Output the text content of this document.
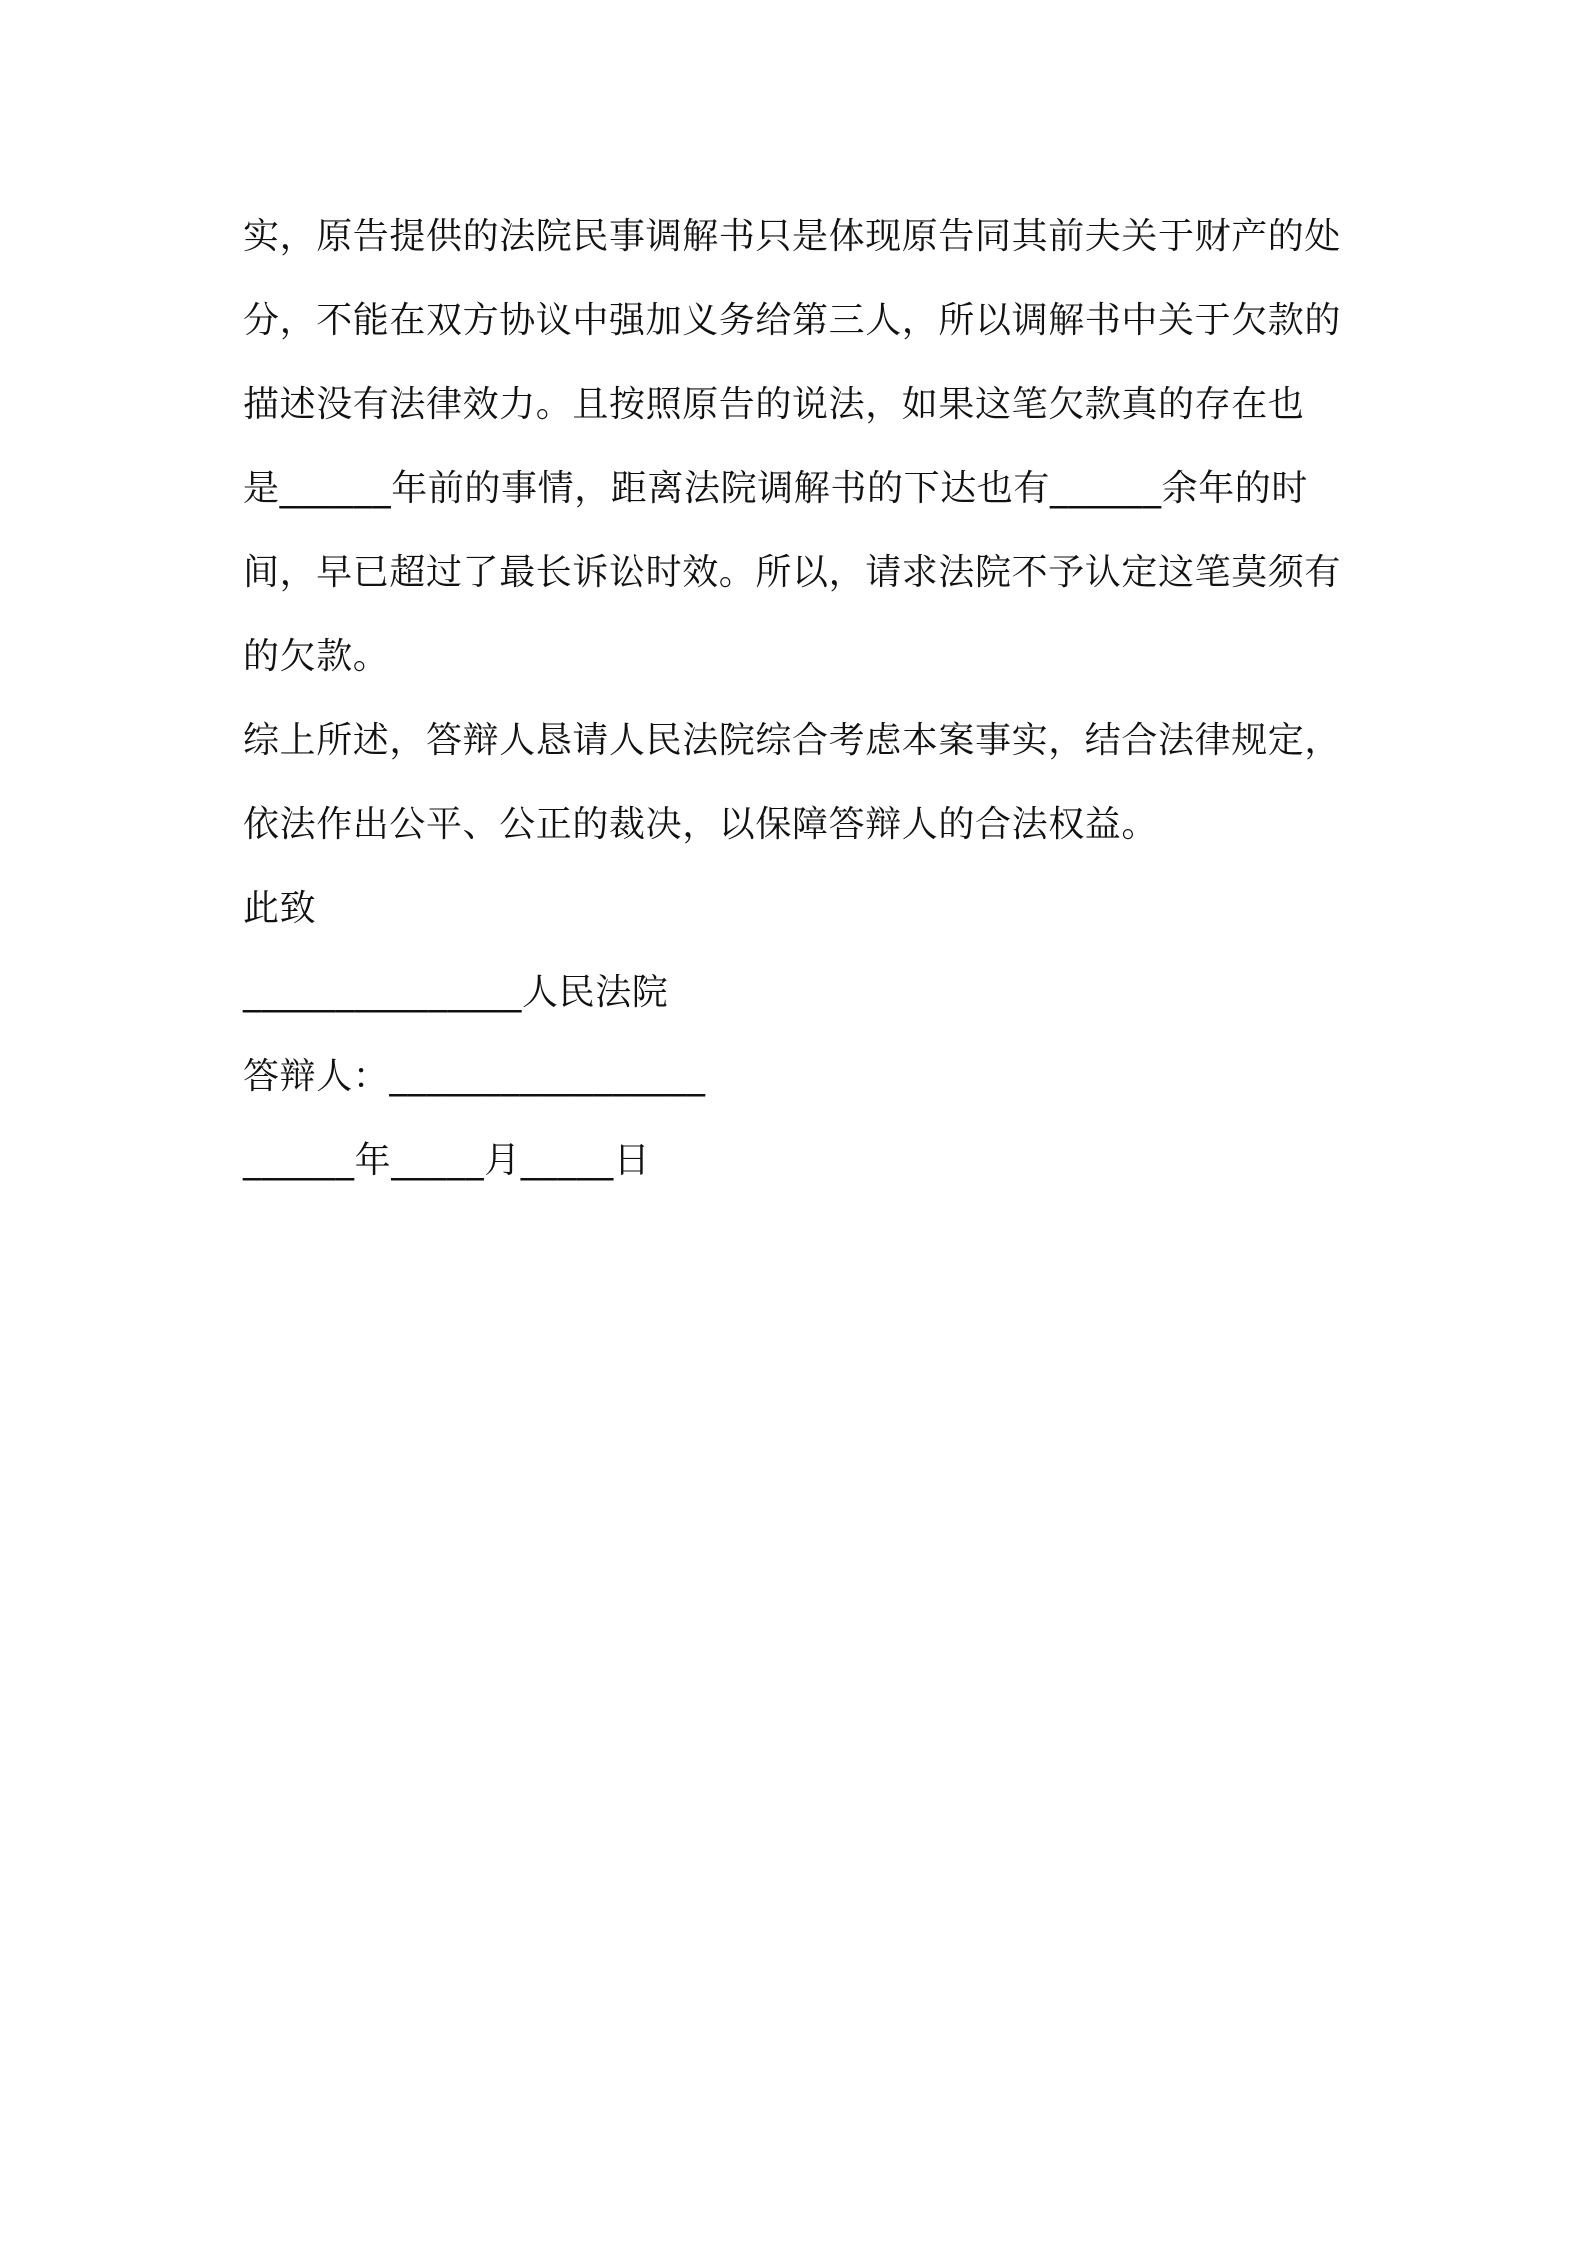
实，原告提供的法院民事调解书只是体现原告同其前夫关于财产的处
分，不能在双方协议中强加义务给第三人，所以调解书中关于欠款的
描述没有法律效力。且按照原告的说法，如果这笔欠款真的存在也
是______年前的事情，距离法院调解书的下达也有______余年的时
间，早已超过了最长诉讼时效。所以，请求法院不予认定这笔莫须有
的欠款。
综上所述，答辩人恳请人民法院综合考虑本案事实，结合法律规定，
依法作出公平、公正的裁决，以保障答辩人的合法权益。
此致
_______________人民法院
答辩人：_________________
______年_____月_____日
